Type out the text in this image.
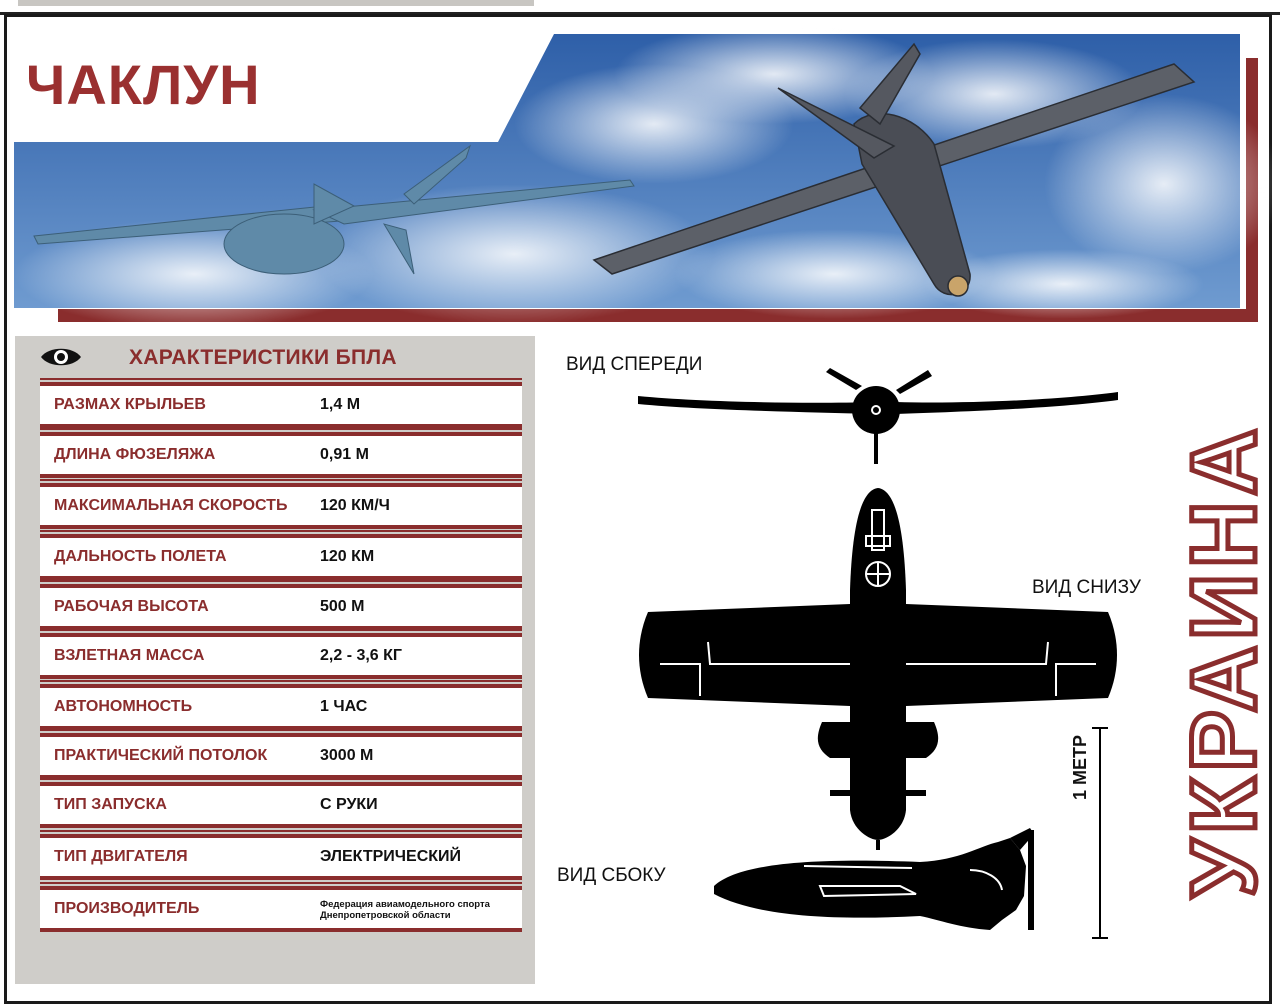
ЧАКЛУН
ХАРАКТЕРИСТИКИ БПЛА
РАЗМАХ КРЫЛЬЕВ	1,4 М
ДЛИНА ФЮЗЕЛЯЖА	0,91 М
МАКСИМАЛЬНАЯ СКОРОСТЬ 120 КМ/Ч
ДАЛЬНОСТЬ ПОЛЕТА	120 КМ
РАБОЧАЯ ВЫСОТА	500 М
ВЗЛЕТНАЯ МАССА	2,2 - 3,6 КГ
АВТОНОМНОСТЬ	1 ЧАС
ПРАКТИЧЕСКИЙ ПОТОЛОК	3000 М
ТИП ЗАПУСКА	С РУКИ
ТИП ДВИГАТЕЛЯ	ЭЛЕКТРИЧЕСКИЙ
ПРОИЗВОДИТЕЛЬ	Федерация авиамодельного спорта Днепропетровской области
ВИД СПЕРЕДИ
ВИД СНИЗУ
ВИД СБОКУ
1 МЕТР УКРАИНА
